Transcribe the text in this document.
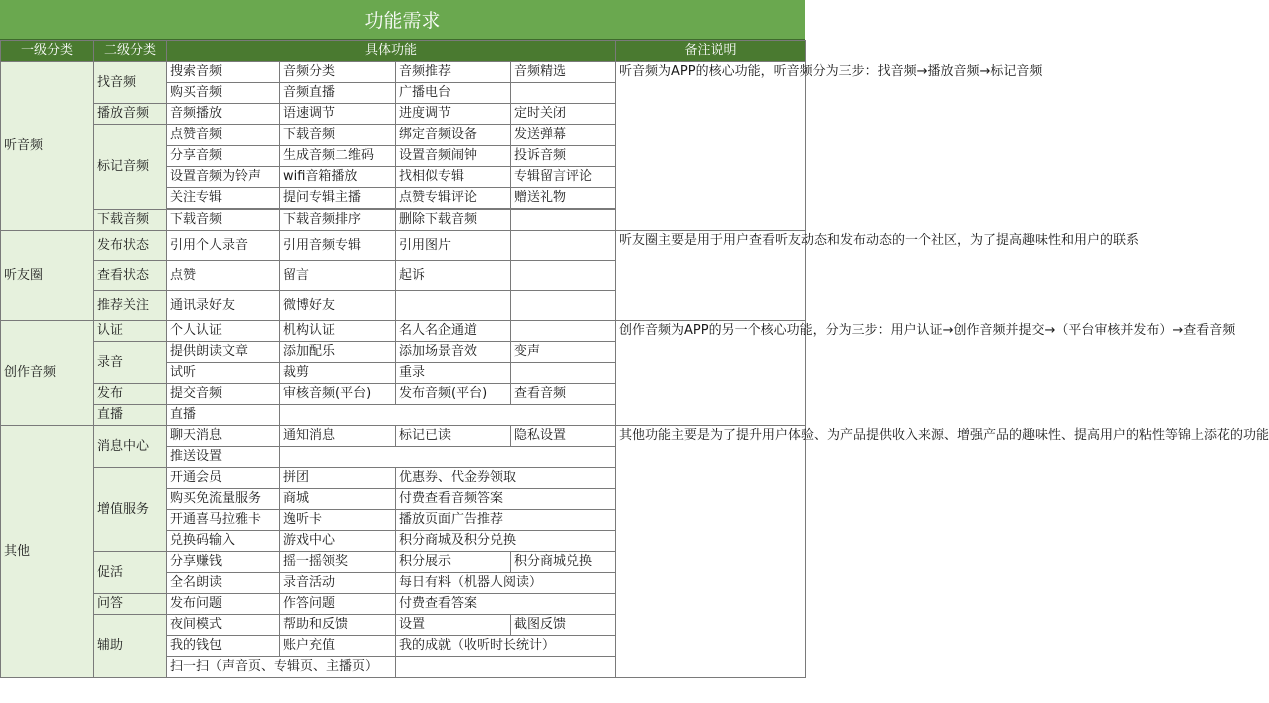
功能需求
一级分类	二级分类	具体功能				备注说明
听音频	找音频	搜索音频	音频分类	音频推荐	音频精选	听音频为APP的核心功能，听音频分为三步：找音频→播放音频→标记音频
		购买音频	音频直播	广播电台		
	播放音频	音频播放	语速调节	进度调节	定时关闭	
	标记音频	点赞音频	下载音频	绑定音频设备	发送弹幕	
		分享音频	生成音频二维码	设置音频闹钟	投诉音频	
		设置音频为铃声	wifi音箱播放	找相似专辑	专辑留言评论	
		关注专辑	提问专辑主播	点赞专辑评论	赠送礼物	

	下载音频	下载音频	下载音频排序	删除下载音频		
听友圈	发布状态	引用个人录音	引用音频专辑	引用图片		听友圈主要是用于用户查看听友动态和发布动态的一个社区，为了提高趣味性和用户的联系
	查看状态	点赞	留言	起诉		
	推荐关注	通讯录好友	微博好友			
创作音频	认证	个人认证	机构认证	名人名企通道		创作音频为APP的另一个核心功能，分为三步：用户认证→创作音频并提交→（平台审核并发布）→查看音频
	录音	提供朗读文章	添加配乐	添加场景音效	变声	
		试听	裁剪	重录		
	发布	提交音频	审核音频(平台)	发布音频(平台)	查看音频	
	直播	直播				
其他	消息中心	聊天消息	通知消息	标记已读	隐私设置	其他功能主要是为了提升用户体验、为产品提供收入来源、增强产品的趣味性、提高用户的粘性等锦上添花的功能
		推送设置				
	增值服务	开通会员	拼团	优惠券、代金券领取		
		购买免流量服务	商城	付费查看音频答案		
		开通喜马拉雅卡	逸听卡	播放页面广告推荐		
		兑换码输入	游戏中心	积分商城及积分兑换		
	促活	分享赚钱	摇一摇领奖	积分展示	积分商城兑换	
		全名朗读	录音活动	每日有料（机器人阅读）		
	问答	发布问题	作答问题	付费查看答案		
	辅助	夜间模式	帮助和反馈	设置	截图反馈	
		我的钱包	账户充值	我的成就（收听时长统计）		
		扫一扫（声音页、专辑页、主播页）				
